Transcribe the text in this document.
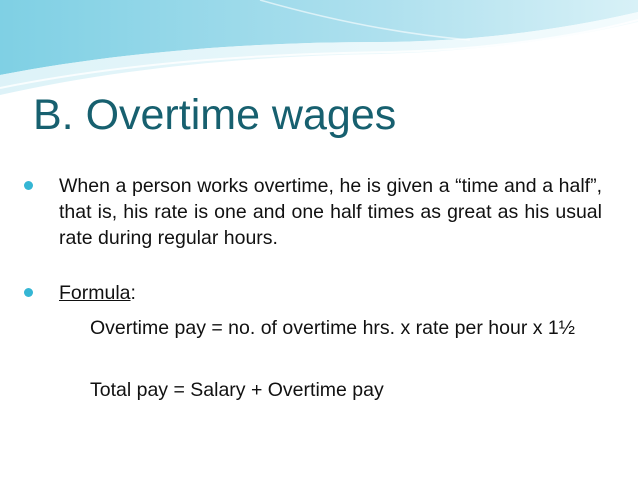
B. Overtime wages
When a person works overtime, he is given a “time and a half”, that is, his rate is one and one half times as great as his usual rate during regular hours.
Formula:
Overtime pay = no. of overtime hrs. x rate per hour x 1½
Total pay = Salary + Overtime pay
